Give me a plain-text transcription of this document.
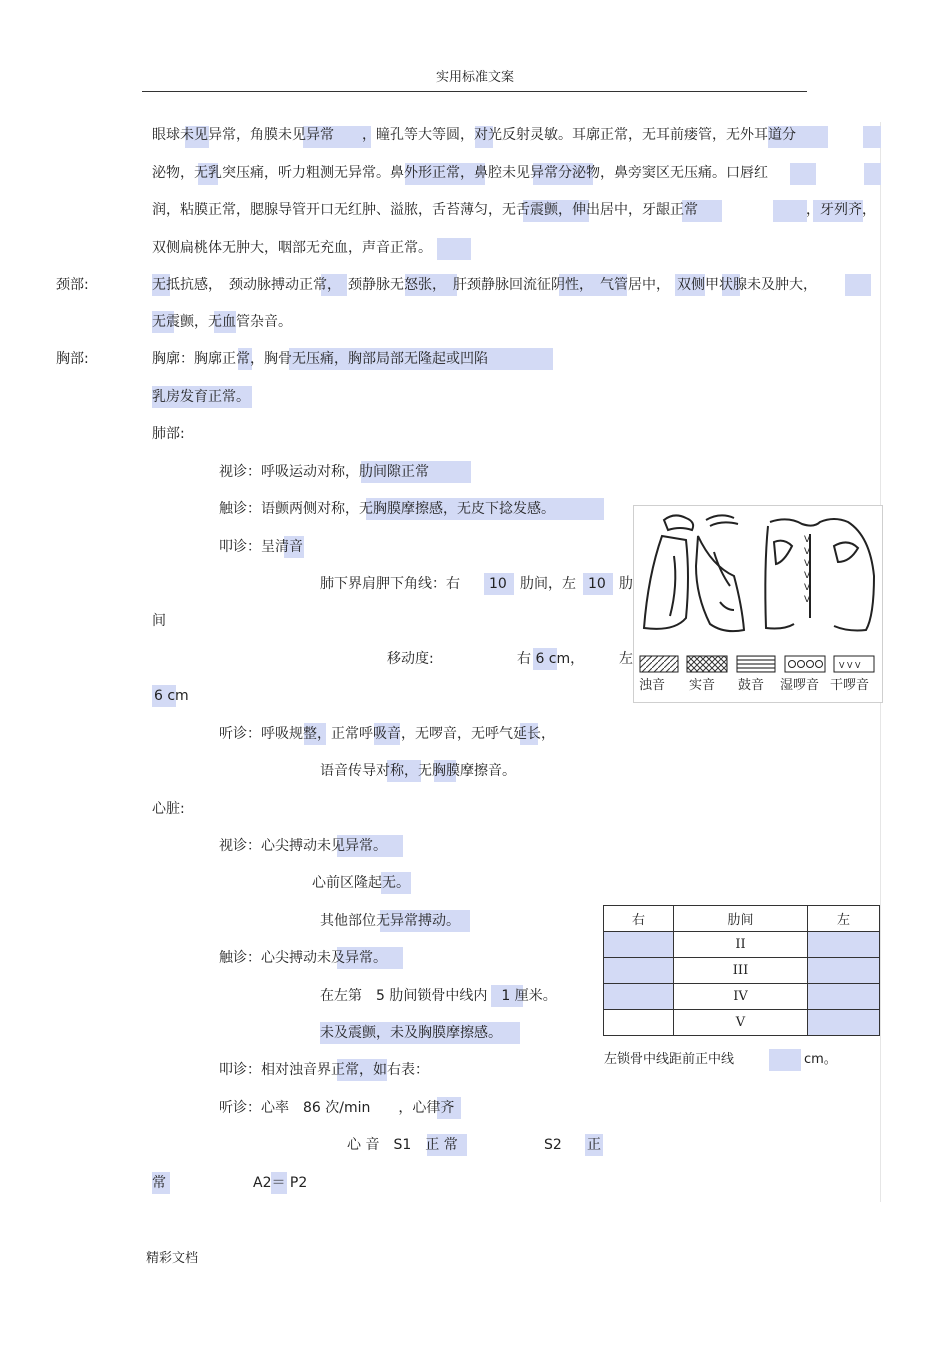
实用标准文案
眼球未见异常，角膜未见异常　　，瞳孔等大等圆，对光反射灵敏。耳廓正常，无耳前瘘管，无外耳道分
泌物，无乳突压痛，听力粗测无异常。鼻外形正常，鼻腔未见异常分泌物，鼻旁窦区无压痛。口唇红
润，粘膜正常，腮腺导管开口无红肿、溢脓，舌苔薄匀，无舌震颤，伸出居中，牙龈正常	，牙列齐，
双侧扁桃体无肿大，咽部无充血，声音正常。
颈部:	无抵抗感，　颈动脉搏动正常，　颈静脉无怒张，　肝颈静脉回流征阴性，　气管居中，　双侧甲状腺未及肿大，
无震颤，无血管杂音。
胸部:	胸廓：胸廓正常，胸骨无压痛，胸部局部无隆起或凹陷
乳房发育正常。
肺部:
视诊：呼吸运动对称，肋间隙正常
触诊：语颤两侧对称，无胸膜摩擦感，无皮下捻发感。
叩诊：呈清音
肺下界肩胛下角线：右 10 肋间，左 10 肋
间
移动度:	右 6 cm， 左
6 cm
听诊：呼吸规整，正常呼吸音，无啰音，无呼气延长，
语音传导对称，无胸膜摩擦音。
心脏:
视诊：心尖搏动未见异常。
心前区隆起无。
其他部位无异常搏动。
触诊：心尖搏动未及异常。
在左第　5 肋间锁骨中线内　1 厘米。
未及震颤，未及胸膜摩擦感。
叩诊：相对浊音界正常，如右表：
听诊：心率　86 次/min　　，心律齐
心 音　S1　正 常	S2 正
常	A2＝ P2
V
V
V
V
V
V
V V V
浊音 实音 鼓音 湿啰音 干啰音
右	肋间	左
	II	
	III	
	IV	
	V	
左锁骨中线距前正中线	cm。
精彩文档
